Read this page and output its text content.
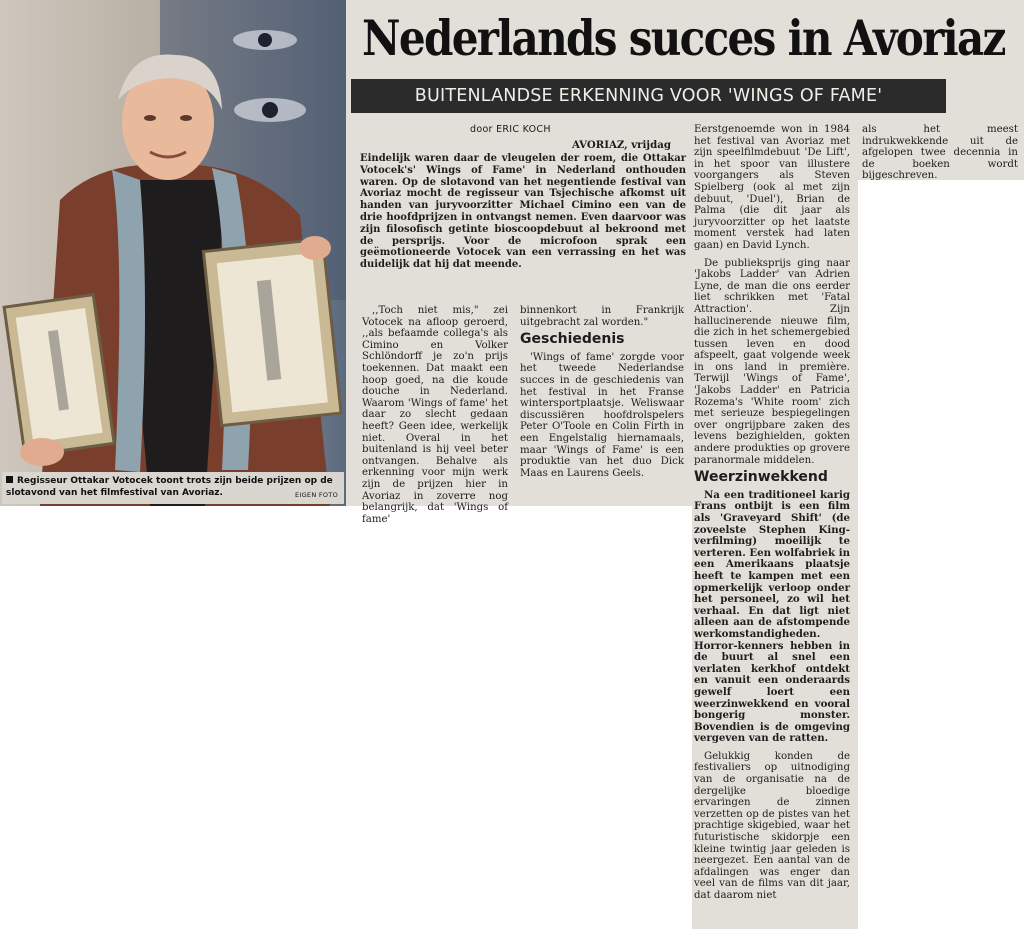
Regisseur Ottakar Votocek toont trots zijn beide prijzen op de slotavond van het filmfestival van Avoriaz.	EIGEN FOTO
Nederlands succes in Avoriaz
BUITENLANDSE ERKENNING VOOR 'WINGS OF FAME'
door ERIC KOCH
AVORIAZ, vrijdag
Eindelijk waren daar de vleugelen der roem, die Ottakar Votocek's' Wings of Fame' in Nederland onthouden waren. Op de slotavond van het negentiende festival van Avoriaz mocht de regisseur van Tsjechische afkomst uit handen van juryvoorzitter Michael Cimino een van de drie hoofdprijzen in ontvangst nemen. Even daarvoor was zijn filosofisch getinte bioscoopdebuut al bekroond met de persprijs. Voor de microfoon sprak een geëmotioneerde Votocek van een verrassing en het was duidelijk dat hij dat meende.

,,Toch niet mis," zei Votocek na afloop geroerd, ,,als befaamde collega's als Cimino en Volker Schlöndorff je zo'n prijs toekennen. Dat maakt een hoop goed, na die koude douche in Nederland. Waarom 'Wings of fame' het daar zo slecht gedaan heeft? Geen idee, werkelijk niet. Overal in het buitenland is hij veel beter ontvangen. Behalve als erkenning voor mijn werk zijn de prijzen hier in Avoriaz in zoverre nog belangrijk, dat 'Wings of fame'

binnenkort in Frankrijk uitgebracht zal worden."

Geschiedenis

'Wings of fame' zorgde voor het tweede Nederlandse succes in de geschiedenis van het festival in het Franse wintersportplaatsje. Weliswaar discussiëren hoofdrolspelers Peter O'Toole en Colin Firth in een Engelstalig hiernamaals, maar 'Wings of Fame' is een produktie van het duo Dick Maas en Laurens Geels.

Eerstgenoemde won in 1984 het festival van Avoriaz met zijn speelfilmdebuut 'De Lift', in het spoor van illustere voorgangers als Steven Spielberg (ook al met zijn debuut, 'Duel'), Brian de Palma (die dit jaar als juryvoorzitter op het laatste moment verstek had laten gaan) en David Lynch.

De publieksprijs ging naar 'Jakobs Ladder' van Adrien Lyne, de man die ons eerder liet schrikken met 'Fatal Attraction'. Zijn hallucinerende nieuwe film, die zich in het schemergebied tussen leven en dood afspeelt, gaat volgende week in ons land in première. Terwijl 'Wings of Fame', 'Jakobs Ladder' en Patricia Rozema's 'White room' zich met serieuze bespiegelingen over ongrijpbare zaken des levens bezighielden, gokten andere produkties op grovere paranormale middelen.

Weerzinwekkend

Na een traditioneel karig Frans ontbijt is een film als 'Graveyard Shift' (de zoveelste Stephen King-verfilming) moeilijk te verteren. Een wolfabriek in een Amerikaans plaatsje heeft te kampen met een opmerkelijk verloop onder het personeel, zo wil het verhaal. En dat ligt niet alleen aan de afstompende werkomstandigheden. Horror-kenners hebben in de buurt al snel een verlaten kerkhof ontdekt en vanuit een onderaards gewelf loert een weerzinwekkend en vooral bongerig monster. Bovendien is de omgeving vergeven van de ratten.

Gelukkig konden de festivaliers op uitnodiging van de organisatie na de dergelijke bloedige ervaringen de zinnen verzetten op de pistes van het prachtige skigebied, waar het futuristische skidorpje een kleine twintig jaar geleden is neergezet. Een aantal van de afdalingen was enger dan veel van de films van dit jaar, dat daarom niet

als het meest indrukwekkende uit de afgelopen twee decennia in de boeken wordt bijgeschreven.
